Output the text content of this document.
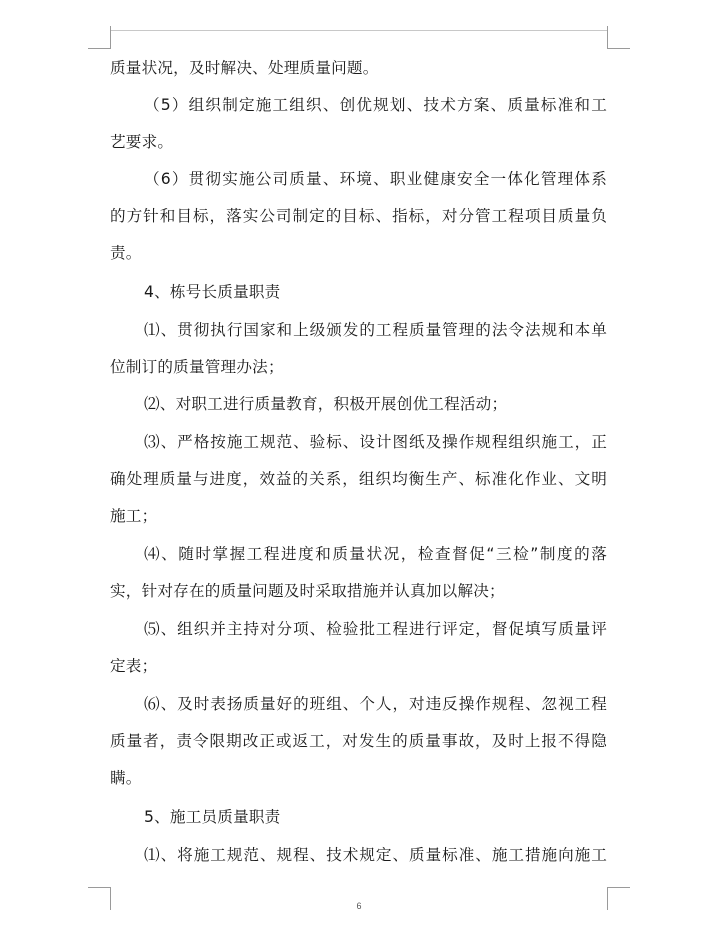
质量状况，及时解决、处理质量问题。
（5）组织制定施工组织、创优规划、技术方案、质量标准和工
艺要求。
（6）贯彻实施公司质量、环境、职业健康安全一体化管理体系
的方针和目标，落实公司制定的目标、指标，对分管工程项目质量负
责。
4、栋号长质量职责
⑴、贯彻执行国家和上级颁发的工程质量管理的法令法规和本单
位制订的质量管理办法；
⑵、对职工进行质量教育，积极开展创优工程活动；
⑶、严格按施工规范、验标、设计图纸及操作规程组织施工，正
确处理质量与进度，效益的关系，组织均衡生产、标准化作业、文明
施工；
⑷、随时掌握工程进度和质量状况，检查督促“三检”制度的落
实，针对存在的质量问题及时采取措施并认真加以解决；
⑸、组织并主持对分项、检验批工程进行评定，督促填写质量评
定表；
⑹、及时表扬质量好的班组、个人，对违反操作规程、忽视工程
质量者，责令限期改正或返工，对发生的质量事故，及时上报不得隐
瞒。
5、施工员质量职责
⑴、将施工规范、规程、技术规定、质量标准、施工措施向施工
6
